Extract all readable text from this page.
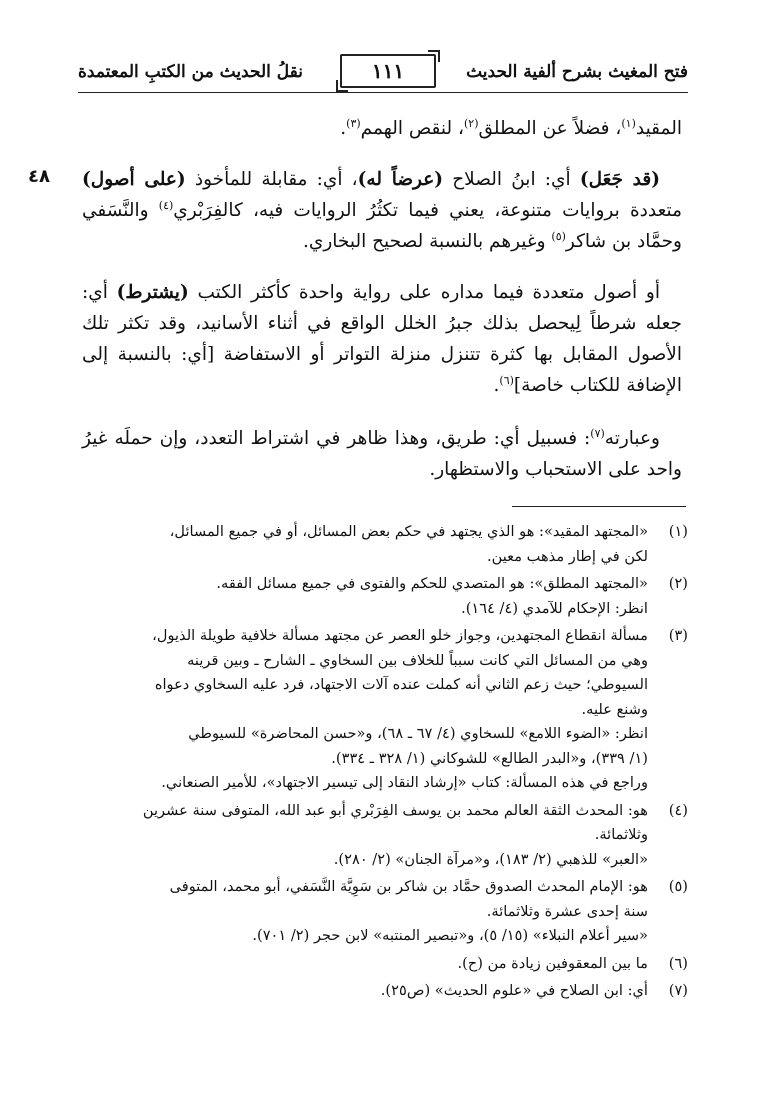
فتح المغيث بشرح ألفية الحديث
١١١
نقلُ الحديث من الكتبِ المعتمدة
٤٨

المقيد$^{(١)}$، فضلاً عن المطلق$^{(٢)}$، لنقص الهمم$^{(٣)}$.

(قد جَعَل) أي: ابنُ الصلاح (عرضاً له)، أي: مقابلة للمأخوذ (على أصول) متعددة بروايات متنوعة، يعني فيما تكثُرُ الروايات فيه، كالفِرَبْري$^{(٤)}$ والنَّسَفي وحمَّاد بن شاكر$^{(٥)}$ وغيرهم بالنسبة لصحيح البخاري.

أو أصول متعددة فيما مداره على رواية واحدة كأكثر الكتب (يشترط) أي: جعله شرطاً لِيحصل بذلك جبرُ الخلل الواقع في أثناء الأسانيد، وقد تكثر تلك الأصول المقابل بها كثرة تتنزل منزلة التواتر أو الاستفاضة [أي: بالنسبة إلى الإضافة للكتاب خاصة]$^{(٦)}$.

وعبارته$^{(٧)}$: فسبيل أي: طريق، وهذا ظاهر في اشتراط التعدد، وإن حملَه غيرُ واحد على الاستحباب والاستظهار.

(١)
«المجتهد المقيد»: هو الذي يجتهد في حكم بعض المسائل، أو في جميع المسائل،
لكن في إطار مذهب معين.
(٢)
«المجتهد المطلق»: هو المتصدي للحكم والفتوى في جميع مسائل الفقه.
انظر: الإحكام للآمدي (٤/ ١٦٤).
(٣)
مسألة انقطاع المجتهدين، وجواز خلو العصر عن مجتهد مسألة خلافية طويلة الذيول،
وهي من المسائل التي كانت سبباً للخلاف بين السخاوي ـ الشارح ـ وبين قرينه
السيوطي؛ حيث زعم الثاني أنه كملت عنده آلات الاجتهاد، فرد عليه السخاوي دعواه
وشنع عليه.
انظر: «الضوء اللامع» للسخاوي (٤/ ٦٧ ـ ٦٨)، و«حسن المحاضرة» للسيوطي
(١/ ٣٣٩)، و«البدر الطالع» للشوكاني (١/ ٣٢٨ ـ ٣٣٤).
وراجع في هذه المسألة: كتاب «إرشاد النقاد إلى تيسير الاجتهاد»، للأمير الصنعاني.
(٤)
هو: المحدث الثقة العالم محمد بن يوسف الفِرَبْري أبو عبد الله، المتوفى سنة عشرين
وثلاثمائة.
«العبر» للذهبي (٢/ ١٨٣)، و«مرآة الجنان» (٢/ ٢٨٠).
(٥)
هو: الإمام المحدث الصدوق حمَّاد بن شاكر بن سَوِيَّة النَّسَفي، أبو محمد، المتوفى
سنة إحدى عشرة وثلاثمائة.
«سير أعلام النبلاء» (١٥/ ٥)، و«تبصير المنتبه» لابن حجر (٢/ ٧٠١).
(٦)
ما بين المعقوفين زيادة من (ح).
(٧)
أي: ابن الصلاح في «علوم الحديث» (ص٢٥).
